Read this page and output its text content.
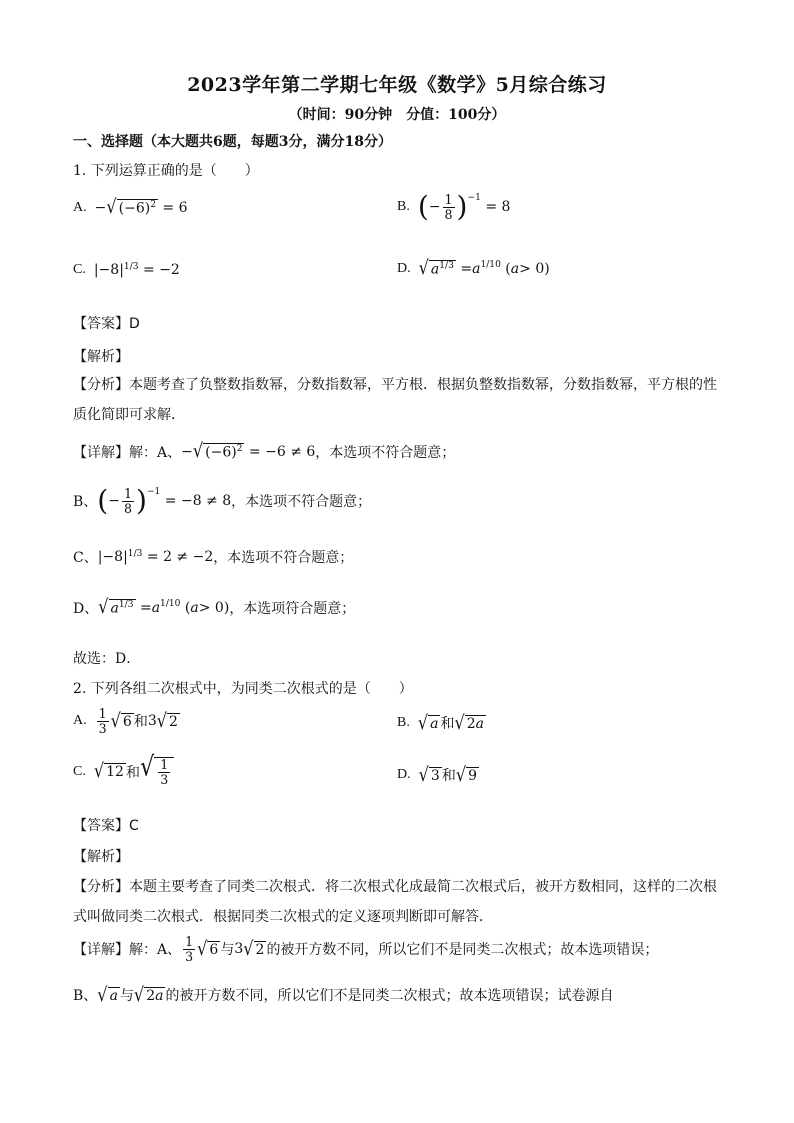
2023学年第二学期七年级《数学》5月综合练习
（时间：90分钟　分值：100分）
一、选择题（本大题共6题，每题3分，满分18分）
1. 下列运算正确的是（　　）
A. − √ $(-6)^2 = 6$	B. ( − $\frac{1}{8} )^{-1}$
= 8
C. |−8| 1/3 = −2	D. √ $a^{1/3} = a^{1/10}$ ( a > 0)
【答案】D
【解析】
【分析】本题考查了负整数指数幂，分数指数幂，平方根．根据负整数指数幂，分数指数幂，平方根的性质化简即可求解．
【详解】解：A、 − √ $(-6)^2 = -6 \ne 6$ ，本选项不符合题意；
B、 ( − $\frac{1}{8} )^{-1}$
= −8 ≠ 8 ，本选项不符合题意；
C、 |−8| 1/3 = 2 ≠ −2 ，本选项不符合题意；
D、 √ $a^{1/3} = a^{1/10}$ ( a > 0) ，本选项符合题意；
故选：D．
2. 下列各组二次根式中，为同类二次根式的是（　　）
A. $\frac{1}{3}$ √ 6 和 3 √ 2	B. √ a 和 √ 2a
C. √ 12 和 √ $\frac{1}{3}$	D. √ 3 和 √ 9
【答案】C
【解析】
【分析】本题主要考查了同类二次根式．将二次根式化成最简二次根式后，被开方数相同，这样的二次根式叫做同类二次根式．根据同类二次根式的定义逐项判断即可解答．
【详解】解：A、 $\frac{1}{3}$ √ 6 与 3 √ 2 的被开方数不同，所以它们不是同类二次根式；故本选项错误；
B、 √ a 与 √ 2a 的被开方数不同，所以它们不是同类二次根式；故本选项错误；试卷源自
